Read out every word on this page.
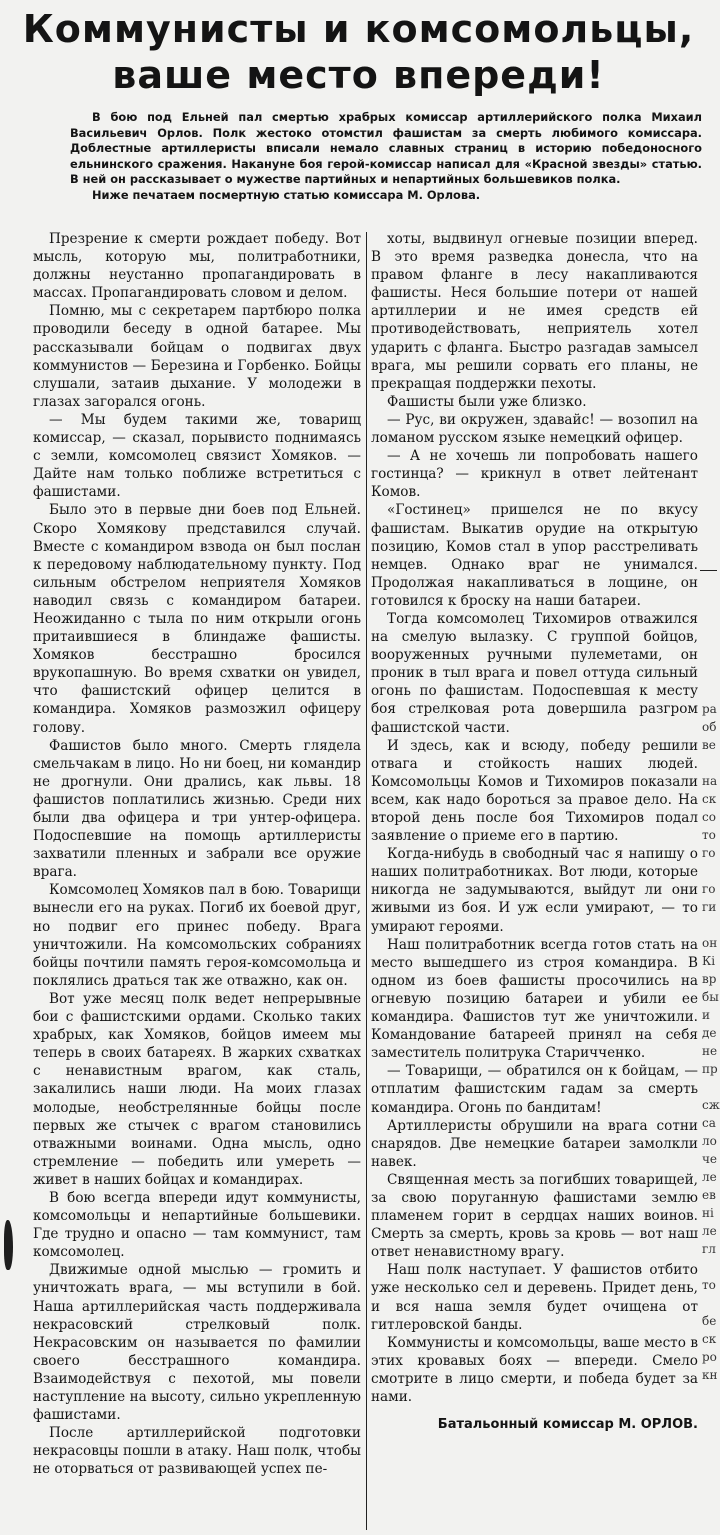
Коммунисты и комсомольцы,
ваше место впереди!

В бою под Ельней пал смертью храбрых комиссар артиллерийского полка Михаил Васильевич Орлов. Полк жестоко отомстил фашистам за смерть любимого комиссара. Доблестные артиллеристы вписали немало славных страниц в историю победоносного ельнинского сражения. Накануне боя герой-комиссар написал для «Красной звезды» статью. В ней он рассказывает о мужестве партийных и непартийных большевиков полка.

Ниже печатаем посмертную статью комиссара М. Орлова.

Презрение к смерти рождает победу. Вот мысль, которую мы, политработники, должны неустанно пропагандировать в массах. Пропагандировать словом и делом.

Помню, мы с секретарем партбюро полка проводили беседу в одной батарее. Мы рассказывали бойцам о подвигах двух коммунистов — Березина и Горбенко. Бойцы слушали, затаив дыхание. У молодежи в глазах загорался огонь.

— Мы будем такими же, товарищ комиссар, — сказал, порывисто поднимаясь с земли, комсомолец связист Хомяков. — Дайте нам только поближе встретиться с фашистами.

Было это в первые дни боев под Ельней. Скоро Хомякову представился случай. Вместе с командиром взвода он был послан к передовому наблюдательному пункту. Под сильным обстрелом неприятеля Хомяков наводил связь с командиром батареи. Неожиданно с тыла по ним открыли огонь притаившиеся в блиндаже фашисты. Хомяков бесстрашно бросился врукопашную. Во время схватки он увидел, что фашистский офицер целится в командира. Хомяков размозжил офицеру голову.

Фашистов было много. Смерть глядела смельчакам в лицо. Но ни боец, ни командир не дрогнули. Они дрались, как львы. 18 фашистов поплатились жизнью. Среди них были два офицера и три унтер-офицера. Подоспевшие на помощь артиллеристы захватили пленных и забрали все оружие врага.

Комсомолец Хомяков пал в бою. Товарищи вынесли его на руках. Погиб их боевой друг, но подвиг его принес победу. Врага уничтожили. На комсомольских собраниях бойцы почтили память героя-комсомольца и поклялись драться так же отважно, как он.

Вот уже месяц полк ведет непрерывные бои с фашистскими ордами. Сколько таких храбрых, как Хомяков, бойцов имеем мы теперь в своих батареях. В жарких схватках с ненавистным врагом, как сталь, закалились наши люди. На моих глазах молодые, необстрелянные бойцы после первых же стычек с врагом становились отважными воинами. Одна мысль, одно стремление — победить или умереть — живет в наших бойцах и командирах.

В бою всегда впереди идут коммунисты, комсомольцы и непартийные большевики. Где трудно и опасно — там коммунист, там комсомолец.

Движимые одной мыслью — громить и уничтожать врага, — мы вступили в бой. Наша артиллерийская часть поддерживала некрасовский стрелковый полк. Некрасовским он называется по фамилии своего бесстрашного командира. Взаимодействуя с пехотой, мы повели наступление на высоту, сильно укрепленную фашистами.

После артиллерийской подготовки некрасовцы пошли в атаку. Наш полк, чтобы не оторваться от развивающей успех пе-

хоты, выдвинул огневые позиции вперед. В это время разведка донесла, что на правом фланге в лесу накапливаются фашисты. Неся большие потери от нашей артиллерии и не имея средств ей противодействовать, неприятель хотел ударить с фланга. Быстро разгадав замысел врага, мы решили сорвать его планы, не прекращая поддержки пехоты.

Фашисты были уже близко.

— Рус, ви окружен, здавайс! — возопил на ломаном русском языке немецкий офицер.

— А не хочешь ли попробовать нашего гостинца? — крикнул в ответ лейтенант Комов.

«Гостинец» пришелся не по вкусу фашистам. Выкатив орудие на открытую позицию, Комов стал в упор расстреливать немцев. Однако враг не унимался. Продолжая накапливаться в лощине, он готовился к броску на наши батареи.

Тогда комсомолец Тихомиров отважился на смелую вылазку. С группой бойцов, вооруженных ручными пулеметами, он проник в тыл врага и повел оттуда сильный огонь по фашистам. Подоспевшая к месту боя стрелковая рота довершила разгром фашистской части.

И здесь, как и всюду, победу решили отвага и стойкость наших людей. Комсомольцы Комов и Тихомиров показали всем, как надо бороться за правое дело. На второй день после боя Тихомиров подал заявление о приеме его в партию.

Когда-нибудь в свободный час я напишу о наших политработниках. Вот люди, которые никогда не задумываются, выйдут ли они живыми из боя. И уж если умирают, — то умирают героями.

Наш политработник всегда готов стать на место вышедшего из строя командира. В одном из боев фашисты просочились на огневую позицию батареи и убили ее командира. Фашистов тут же уничтожили. Командование батареей принял на себя заместитель политрука Старичченко.

— Товарищи, — обратился он к бойцам, — отплатим фашистским гадам за смерть командира. Огонь по бандитам!

Артиллеристы обрушили на врага сотни снарядов. Две немецкие батареи замолкли навек.

Священная месть за погибших товарищей, за свою поруганную фашистами землю пламенем горит в сердцах наших воинов. Смерть за смерть, кровь за кровь — вот наш ответ ненавистному врагу.

Наш полк наступает. У фашистов отбито уже несколько сел и деревень. Придет день, и вся наша земля будет очищена от гитлеровской банды.

Коммунисты и комсомольцы, ваше место в этих кровавых боях — впереди. Смело смотрите в лицо смерти, и победа будет за нами.

Батальонный комиссар М. ОРЛОВ.
ра
об
ве
на
ск
со
то
го
го
ги
он
Кі
вр
бы
и
де
не
пр
сж
са
ло
че
ле
ев
ні
ле
гл
то
бе
ск
ро
кн
